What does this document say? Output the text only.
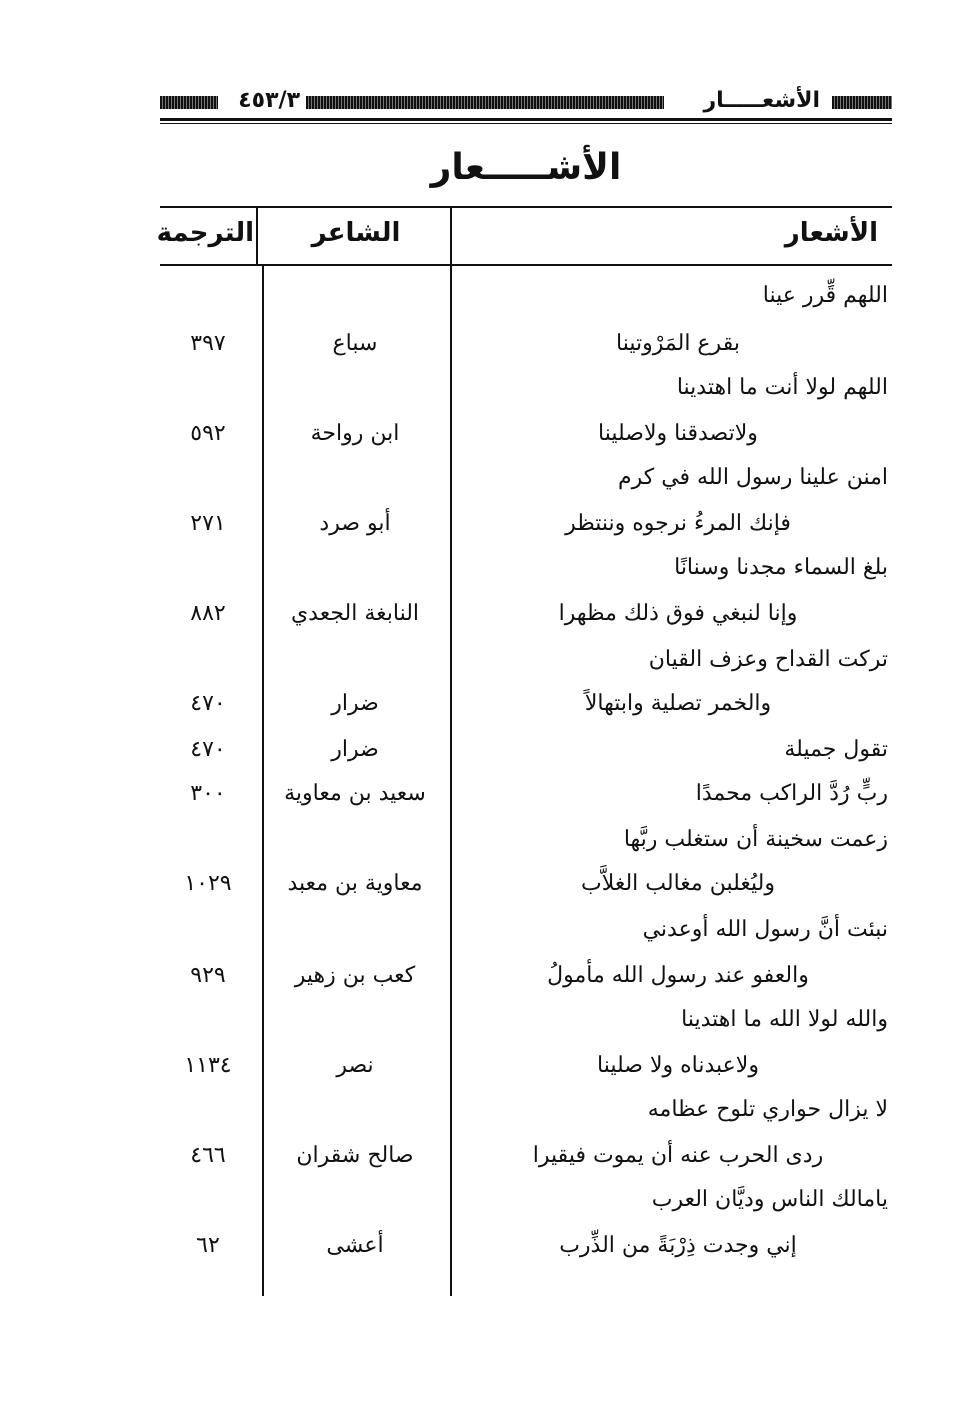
الأشعـــــار
٤٥٣/٣
الأشـــــعار
الأشعار
الشاعر
الترجمة
اللهم قِّرر عينا
بقرع المَرْوتينا
اللهم لولا أنت ما اهتدينا
ولاتصدقنا ولاصلينا
امنن علينا رسول الله في كرم
فإنك المرءُ نرجوه وننتظر
بلغ السماء مجدنا وسنانًا
وإنا لنبغي فوق ذلك مظهرا
تركت القداح وعزف القيان
والخمر تصلية وابتهالاً
تقول جميلة
ربٍّ رُدَّ الراكب محمدًا
زعمت سخينة أن ستغلب ربَّها
وليُغلبن مغالب الغلاَّب
نبئت أنَّ رسول الله أوعدني
والعفو عند رسول الله مأمولُ
والله لولا الله ما اهتدينا
ولاعبدناه ولا صلينا
لا يزال حواري تلوح عظامه
ردى الحرب عنه أن يموت فيقيرا
يامالك الناس وديَّان العرب
إني وجدت ذِرْبَةً من الذِّرب
سباع
ابن رواحة
أبو صرد
النابغة الجعدي
ضرار
ضرار
سعيد بن معاوية
معاوية بن معبد
كعب بن زهير
نصر
صالح شقران
أعشى
٣٩٧
٥٩٢
٢٧١
٨٨٢
٤٧٠
٤٧٠
٣٠٠
١٠٢٩
٩٢٩
١١٣٤
٤٦٦
٦٢
